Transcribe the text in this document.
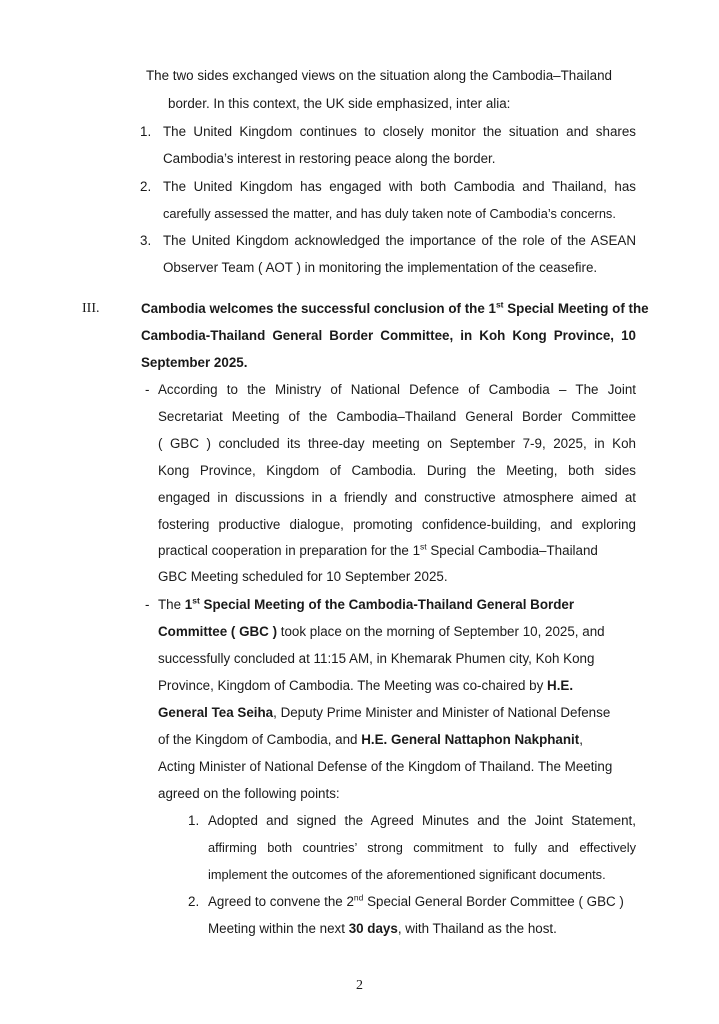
The two sides exchanged views on the situation along the Cambodia–Thailand
border. In this context, the UK side emphasized, inter alia:
1. The United Kingdom continues to closely monitor the situation and shares
Cambodia’s interest in restoring peace along the border.
2. The United Kingdom has engaged with both Cambodia and Thailand, has
carefully assessed the matter, and has duly taken note of Cambodia’s concerns.
3. The United Kingdom acknowledged the importance of the role of the ASEAN
Observer Team ( AOT ) in monitoring the implementation of the ceasefire.
III.	Cambodia welcomes the successful conclusion of the 1st Special Meeting of the
Cambodia-Thailand General Border Committee, in Koh Kong Province, 10
September 2025.
- According to the Ministry of National Defence of Cambodia – The Joint
Secretariat Meeting of the Cambodia–Thailand General Border Committee
( GBC ) concluded its three-day meeting on September 7-9, 2025, in Koh
Kong Province, Kingdom of Cambodia. During the Meeting, both sides
engaged in discussions in a friendly and constructive atmosphere aimed at
fostering productive dialogue, promoting confidence-building, and exploring
practical cooperation in preparation for the 1st Special Cambodia–Thailand
GBC Meeting scheduled for 10 September 2025.
- The 1st Special Meeting of the Cambodia-Thailand General Border
Committee ( GBC ) took place on the morning of September 10, 2025, and
successfully concluded at 11:15 AM, in Khemarak Phumen city, Koh Kong
Province, Kingdom of Cambodia. The Meeting was co-chaired by H.E.
General Tea Seiha, Deputy Prime Minister and Minister of National Defense
of the Kingdom of Cambodia, and H.E. General Nattaphon Nakphanit,
Acting Minister of National Defense of the Kingdom of Thailand. The Meeting
agreed on the following points:
1. Adopted and signed the Agreed Minutes and the Joint Statement,
affirming both countries’ strong commitment to fully and effectively
implement the outcomes of the aforementioned significant documents.
2. Agreed to convene the 2nd Special General Border Committee ( GBC )
Meeting within the next 30 days, with Thailand as the host.
2
